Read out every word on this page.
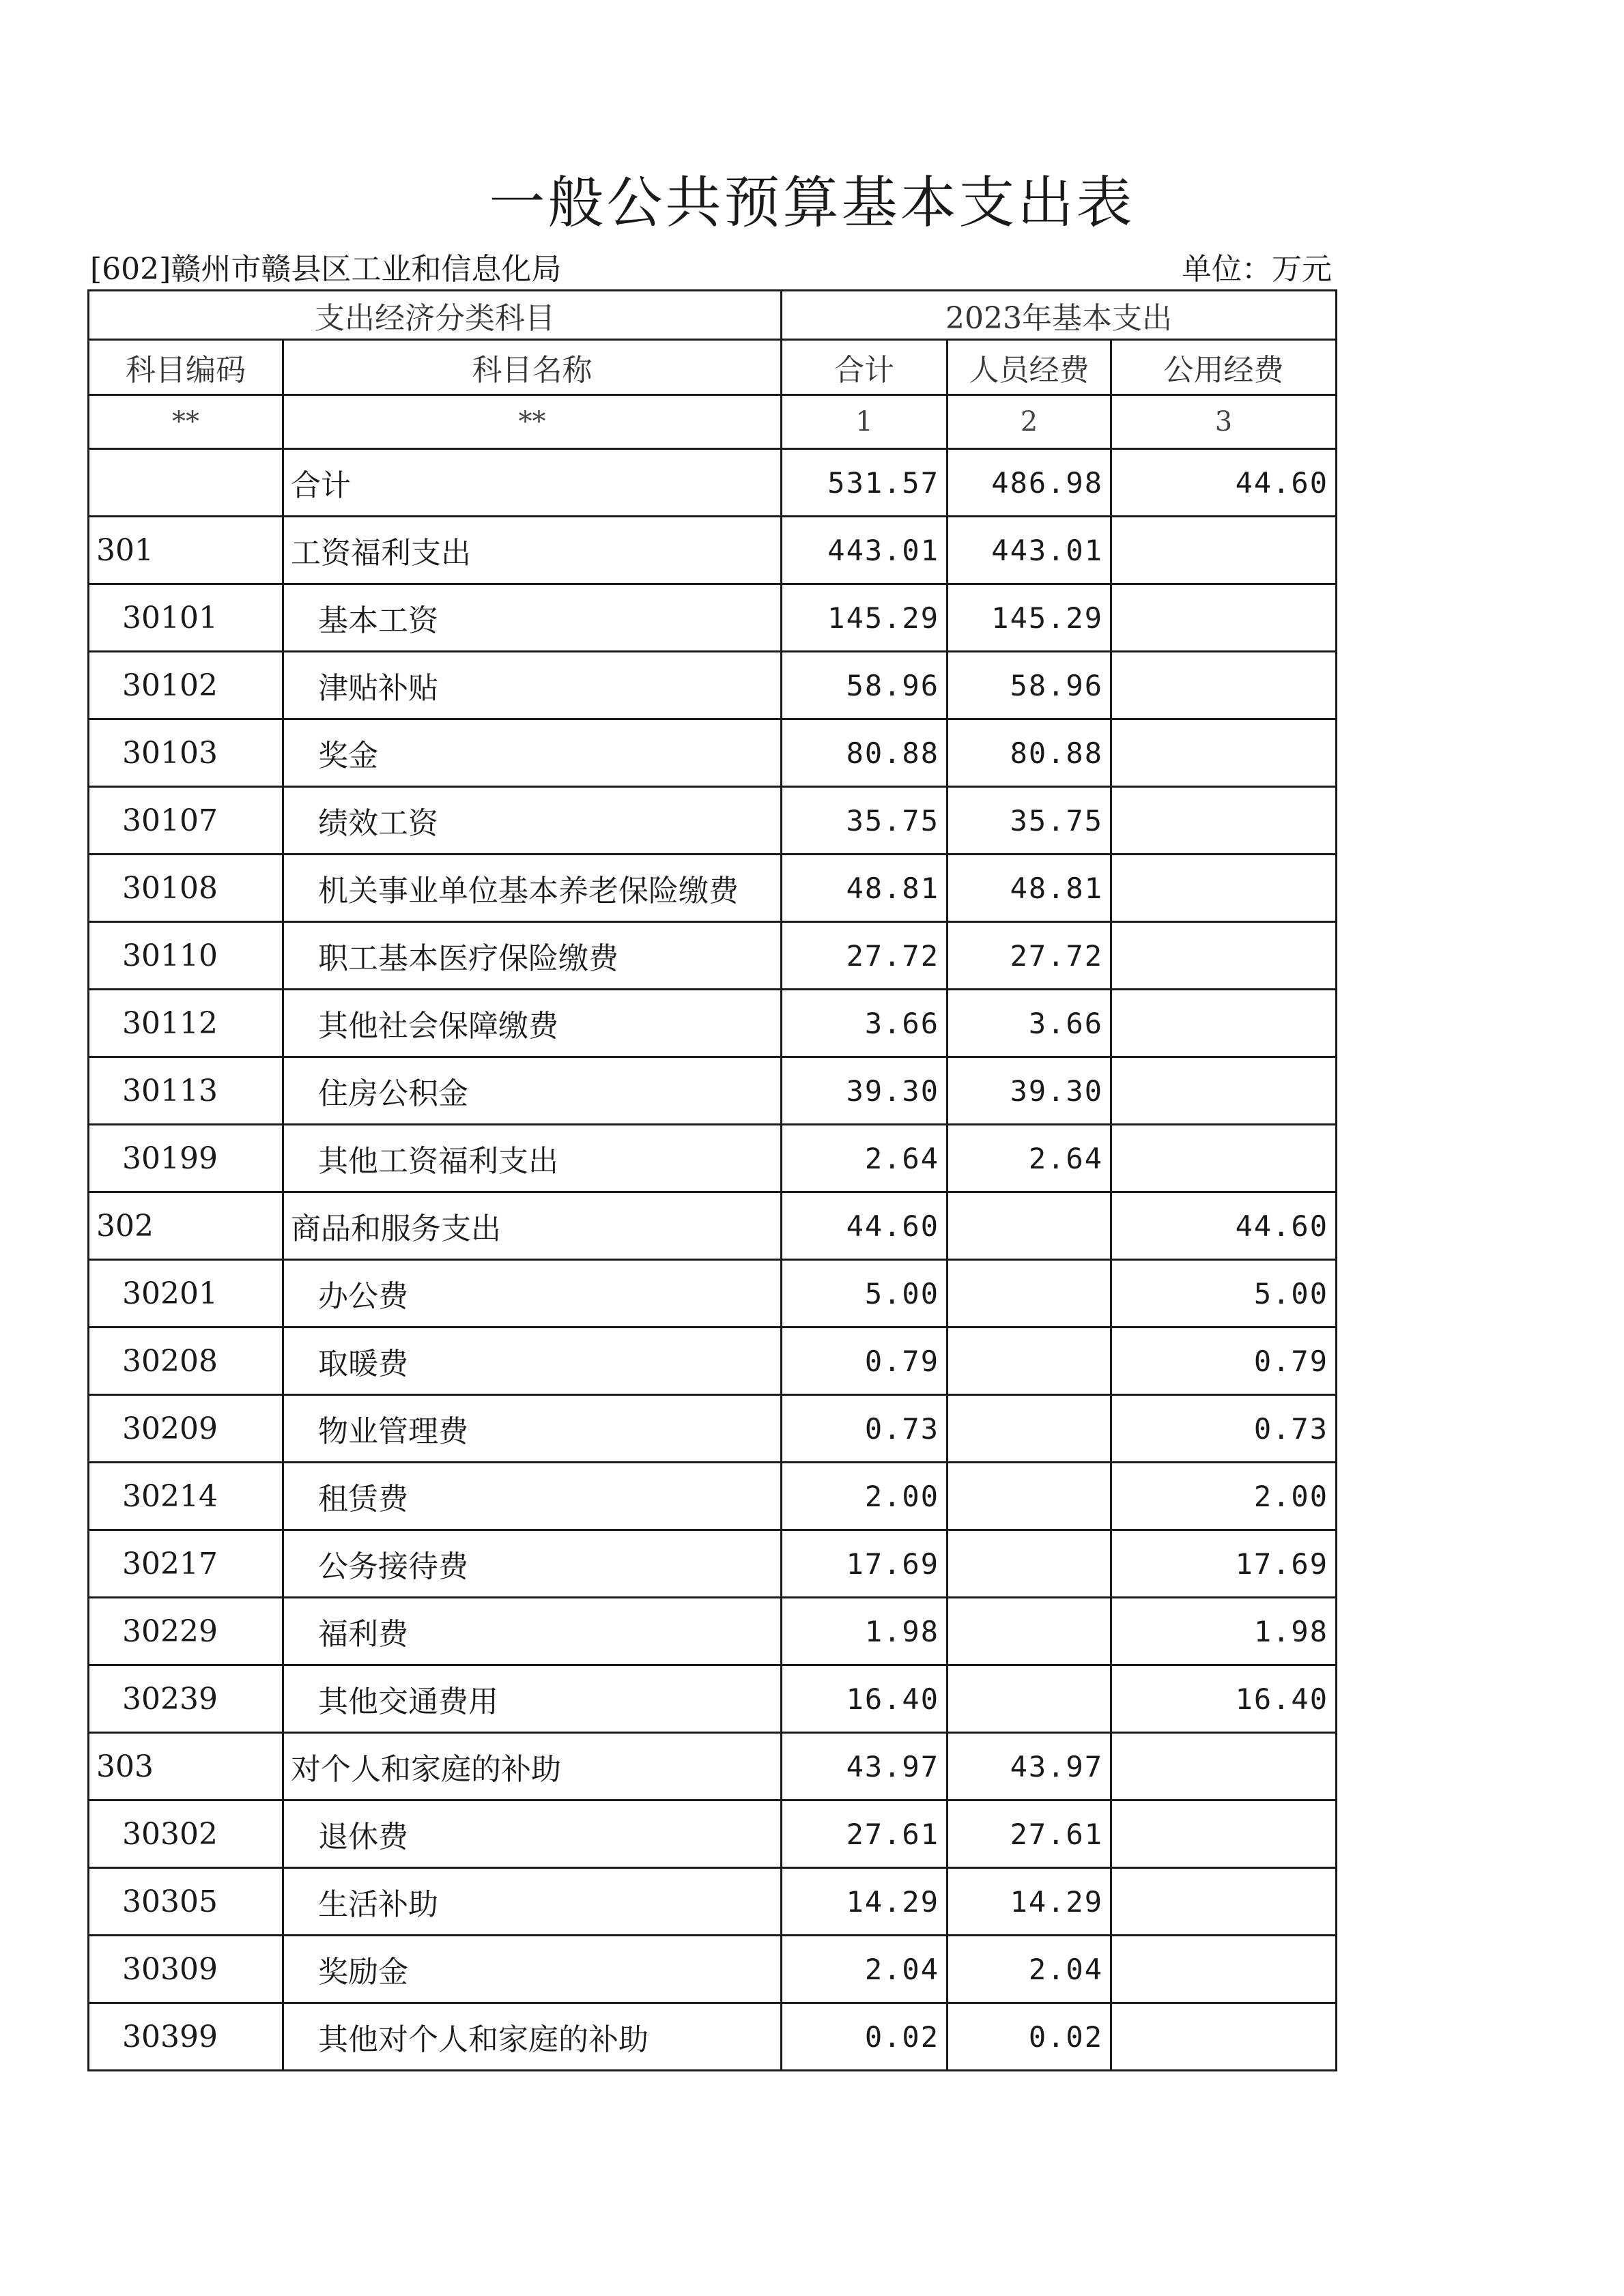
一般公共预算基本支出表
[602]赣州市赣县区工业和信息化局	单位：万元
支出经济分类科目		2023年基本支出		
科目编码	科目名称	合计	人员经费	公用经费
**	**	1	2	3
	合计	531.57	486.98	44.60
301	工资福利支出	443.01	443.01	
30101	基本工资	145.29	145.29	
30102	津贴补贴	58.96	58.96	
30103	奖金	80.88	80.88	
30107	绩效工资	35.75	35.75	
30108	机关事业单位基本养老保险缴费	48.81	48.81	
30110	职工基本医疗保险缴费	27.72	27.72	
30112	其他社会保障缴费	3.66	3.66	
30113	住房公积金	39.30	39.30	
30199	其他工资福利支出	2.64	2.64	
302	商品和服务支出	44.60		44.60
30201	办公费	5.00		5.00
30208	取暖费	0.79		0.79
30209	物业管理费	0.73		0.73
30214	租赁费	2.00		2.00
30217	公务接待费	17.69		17.69
30229	福利费	1.98		1.98
30239	其他交通费用	16.40		16.40
303	对个人和家庭的补助	43.97	43.97	
30302	退休费	27.61	27.61	
30305	生活补助	14.29	14.29	
30309	奖励金	2.04	2.04	
30399	其他对个人和家庭的补助	0.02	0.02	
